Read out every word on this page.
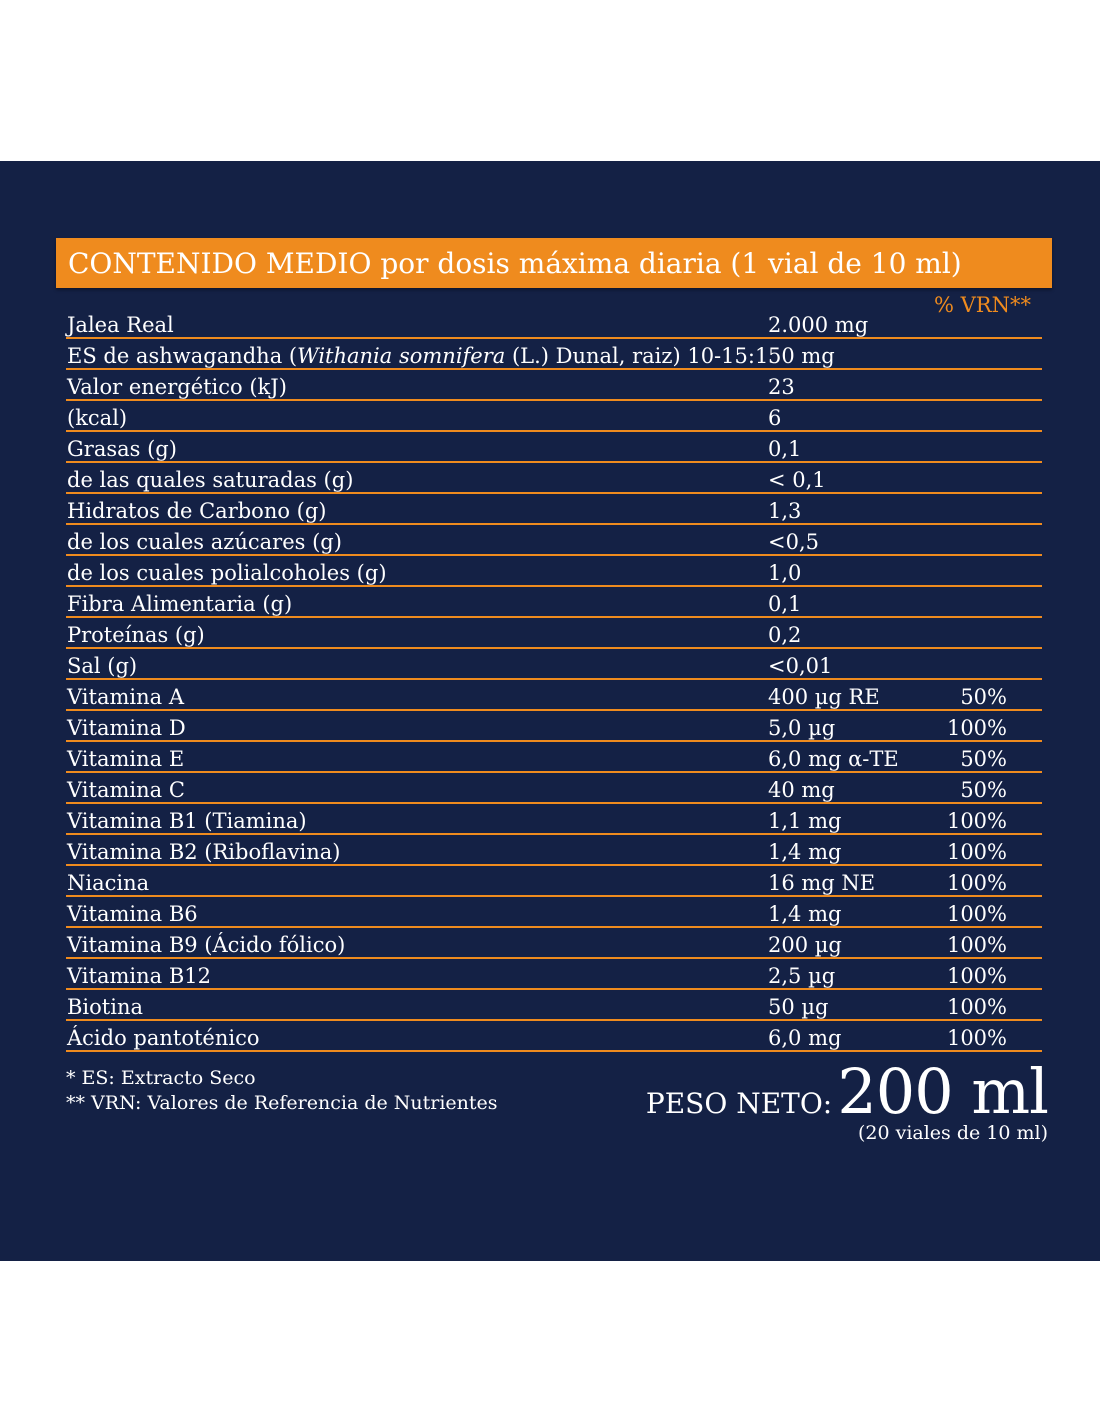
CONTENIDO MEDIO por dosis máxima diaria (1 vial de 10 ml)
% VRN**
Jalea Real	2.000 mg
ES de ashwagandha (Withania somnifera (L.) Dunal, raiz) 10-15:1 50 mg
Valor energético (kJ)	23
(kcal)	6
Grasas (g)	0,1
de las quales saturadas (g)	< 0,1
Hidratos de Carbono (g)	1,3
de los cuales azúcares (g)	<0,5
de los cuales polialcoholes (g)	1,0
Fibra Alimentaria (g)	0,1
Proteínas (g)	0,2
Sal (g)	<0,01
Vitamina A	400 µg RE	50%
Vitamina D	5,0 µg	100%
Vitamina E	6,0 mg α-TE	50%
Vitamina C	40 mg	50%
Vitamina B1 (Tiamina)	1,1 mg	100%
Vitamina B2 (Riboflavina)	1,4 mg	100%
Niacina	16 mg NE	100%
Vitamina B6	1,4 mg	100%
Vitamina B9 (Ácido fólico)	200 µg	100%
Vitamina B12	2,5 µg	100%
Biotina	50 µg	100%
Ácido pantoténico	6,0 mg	100%
* ES: Extracto Seco
** VRN: Valores de Referencia de Nutrientes	PESO NETO: 200 ml
(20 viales de 10 ml)
